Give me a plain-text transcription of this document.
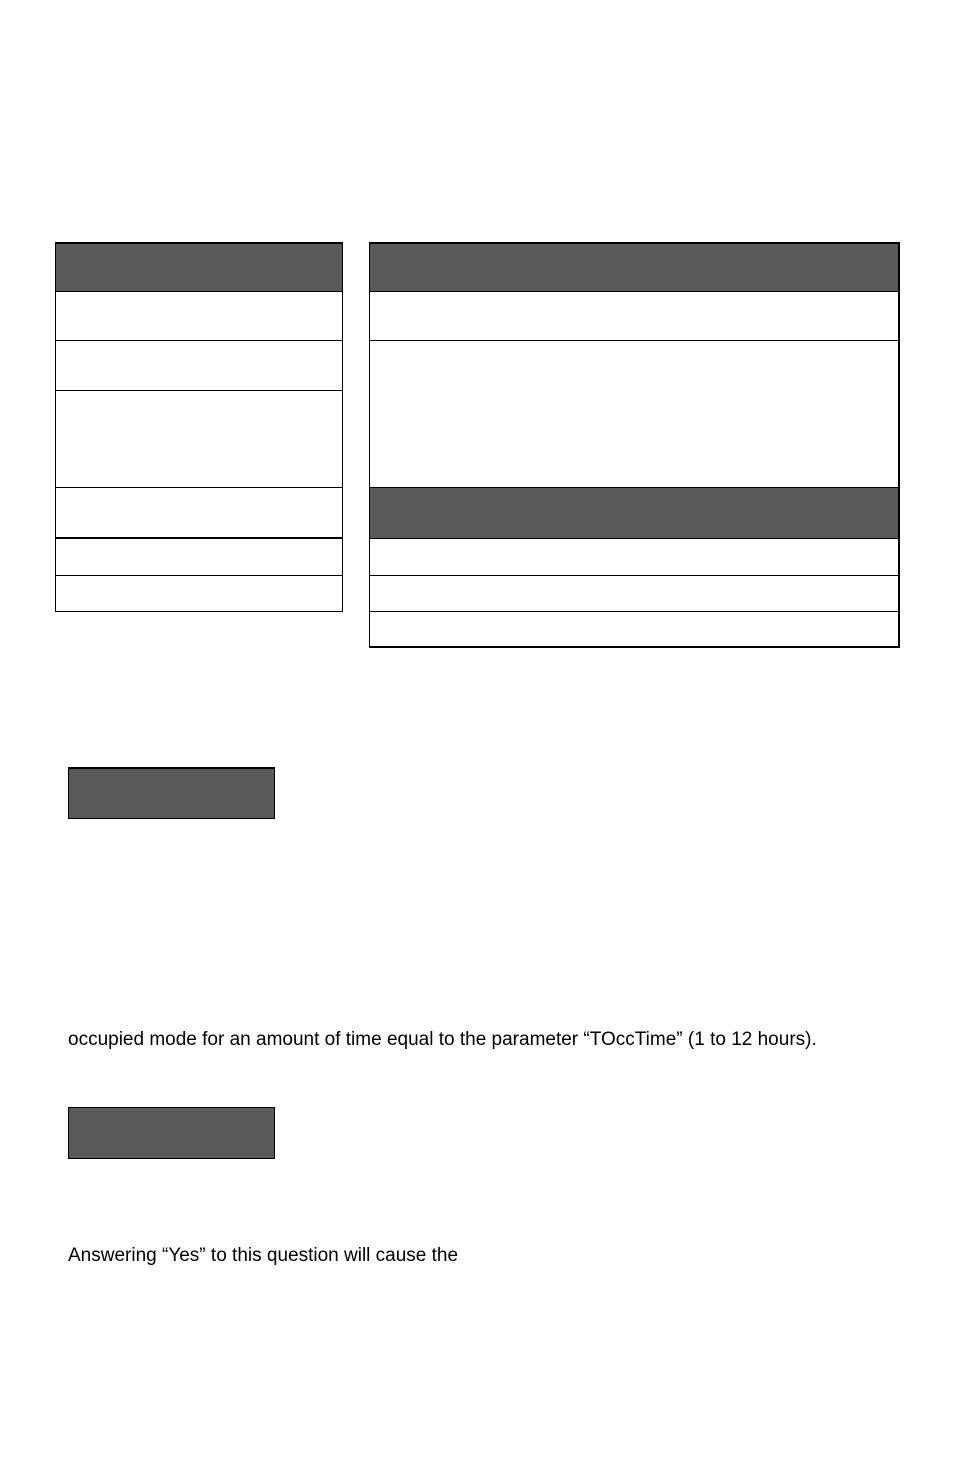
occupied mode for an amount of time equal to the parameter “TOccTime” (1 to 12 hours).
Answering “Yes” to this question will cause the
